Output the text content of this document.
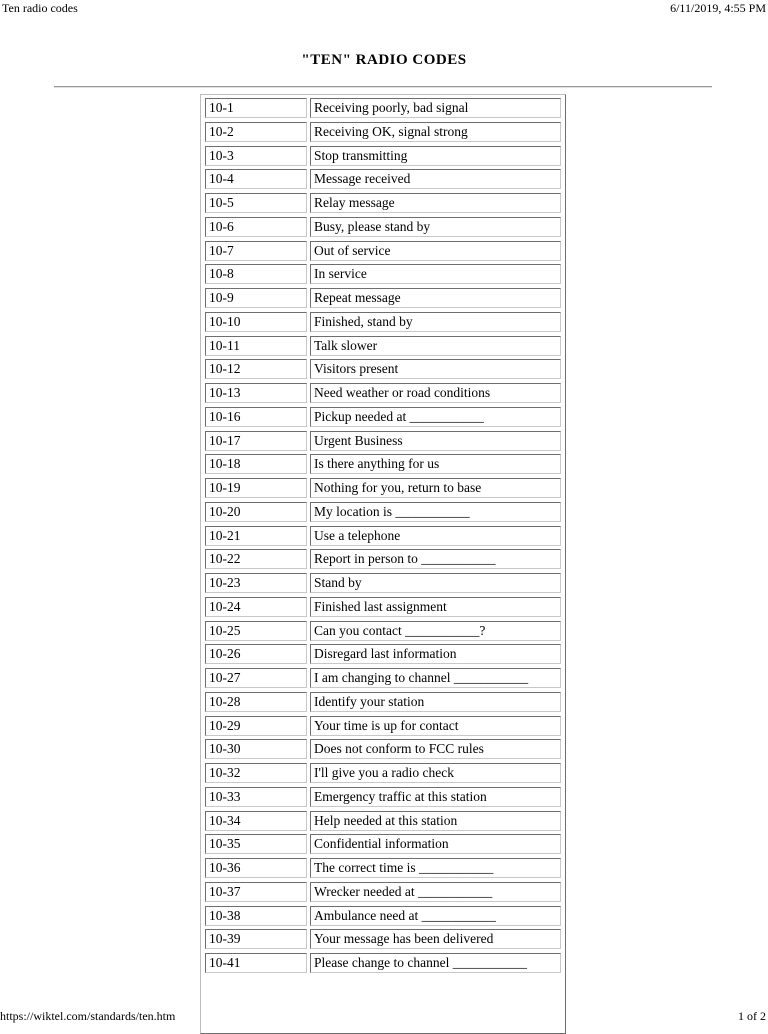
Ten radio codes	6/11/2019, 4:55 PM
"TEN" RADIO CODES
10-1	Receiving poorly, bad signal
10-2	Receiving OK, signal strong
10-3	Stop transmitting
10-4	Message received
10-5	Relay message
10-6	Busy, please stand by
10-7	Out of service
10-8	In service
10-9	Repeat message
10-10	Finished, stand by
10-11	Talk slower
10-12	Visitors present
10-13	Need weather or road conditions
10-16	Pickup needed at ___________
10-17	Urgent Business
10-18	Is there anything for us
10-19	Nothing for you, return to base
10-20	My location is ___________
10-21	Use a telephone
10-22	Report in person to ___________
10-23	Stand by
10-24	Finished last assignment
10-25	Can you contact ___________?
10-26	Disregard last information
10-27	I am changing to channel ___________
10-28	Identify your station
10-29	Your time is up for contact
10-30	Does not conform to FCC rules
10-32	I'll give you a radio check
10-33	Emergency traffic at this station
10-34	Help needed at this station
10-35	Confidential information
10-36	The correct time is ___________
10-37	Wrecker needed at ___________
10-38	Ambulance need at ___________
10-39	Your message has been delivered
10-41	Please change to channel ___________
https://wiktel.com/standards/ten.htm	1 of 2
